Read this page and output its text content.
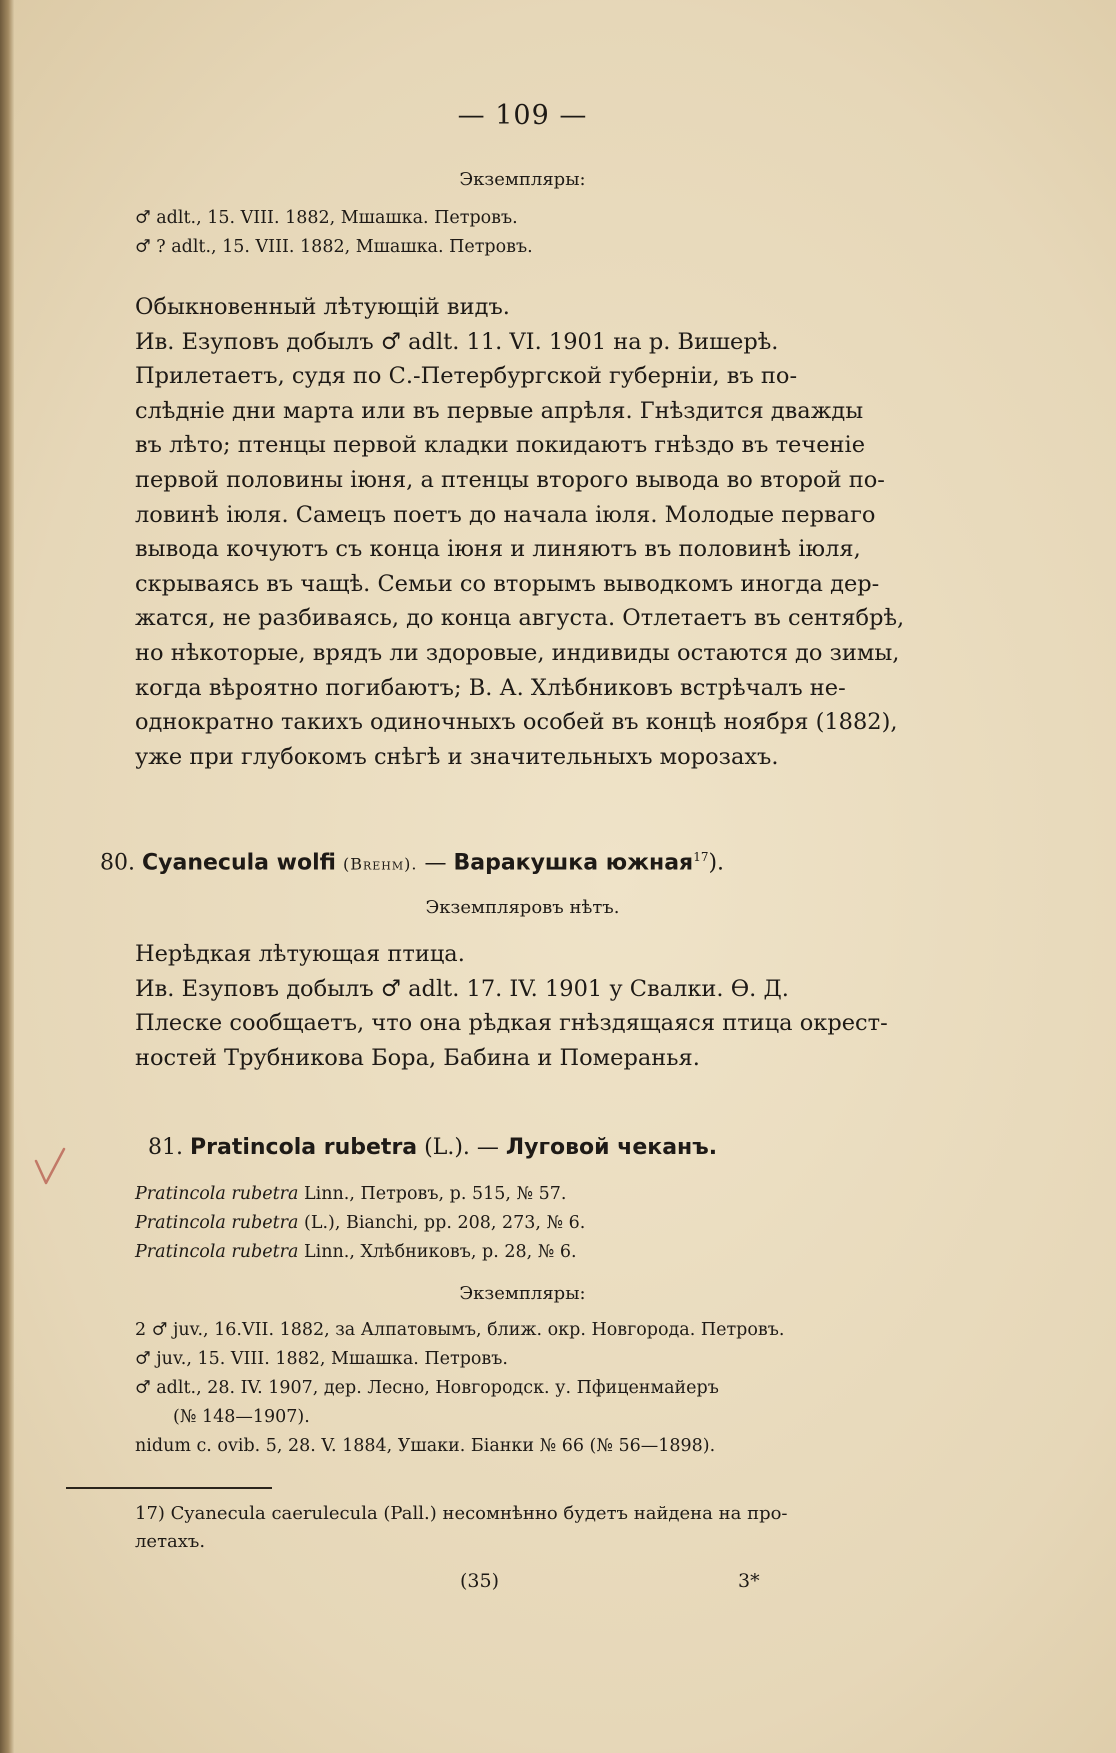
— 109 —
Экземпляры:
♂ adlt., 15. VIII. 1882, Мшашка. Петровъ.
♂ ? adlt., 15. VIII. 1882, Мшашка. Петровъ.
Обыкновенный лѣтующій видъ.
Ив. Езуповъ добылъ ♂ adlt. 11. VI. 1901 на р. Вишерѣ.
Прилетаетъ, судя по С.-Петербургской губерніи, въ по-
слѣдніе дни марта или въ первые апрѣля. Гнѣздится дважды
въ лѣто; птенцы первой кладки покидаютъ гнѣздо въ теченіе
первой половины іюня, а птенцы второго вывода во второй по-
ловинѣ іюля. Самецъ поетъ до начала іюля. Молодые перваго
вывода кочуютъ съ конца іюня и линяютъ въ половинѣ іюля,
скрываясь въ чащѣ. Семьи со вторымъ выводкомъ иногда дер-
жатся, не разбиваясь, до конца августа. Отлетаетъ въ сентябрѣ,
но нѣкоторые, врядъ ли здоровые, индивиды остаются до зимы,
когда вѣроятно погибаютъ; В. А. Хлѣбниковъ встрѣчалъ не-
однократно такихъ одиночныхъ особей въ концѣ ноября (1882),
уже при глубокомъ снѣгѣ и значительныхъ морозахъ.
80. Cyanecula wolfi (Brehm). — Варакушка южная$^{17}$).
Экземпляровъ нѣтъ.
Нерѣдкая лѣтующая птица.
Ив. Езуповъ добылъ ♂ adlt. 17. IV. 1901 у Свалки. Ѳ. Д.
Плеске сообщаетъ, что она рѣдкая гнѣздящаяся птица окрест-
ностей Трубникова Бора, Бабина и Померанья.
81. Pratincola rubetra (L.). — Луговой чеканъ.
Pratincola rubetra Linn., Петровъ, p. 515, № 57.
Pratincola rubetra (L.), Bianchi, pp. 208, 273, № 6.
Pratincola rubetra Linn., Хлѣбниковъ, p. 28, № 6.
Экземпляры:
2 ♂ juv., 16.VII. 1882, за Алпатовымъ, ближ. окр. Новгорода. Петровъ.
♂ juv., 15. VIII. 1882, Мшашка. Петровъ.
♂ adlt., 28. IV. 1907, дер. Лесно, Новгородск. у. Пфиценмайеръ
(№ 148—1907).
nidum c. ovib. 5, 28. V. 1884, Ушаки. Біанки № 66 (№ 56—1898).
17) Cyanecula caerulecula (Pall.) несомнѣнно будетъ найдена на про-
летахъ.
(35)	3*
